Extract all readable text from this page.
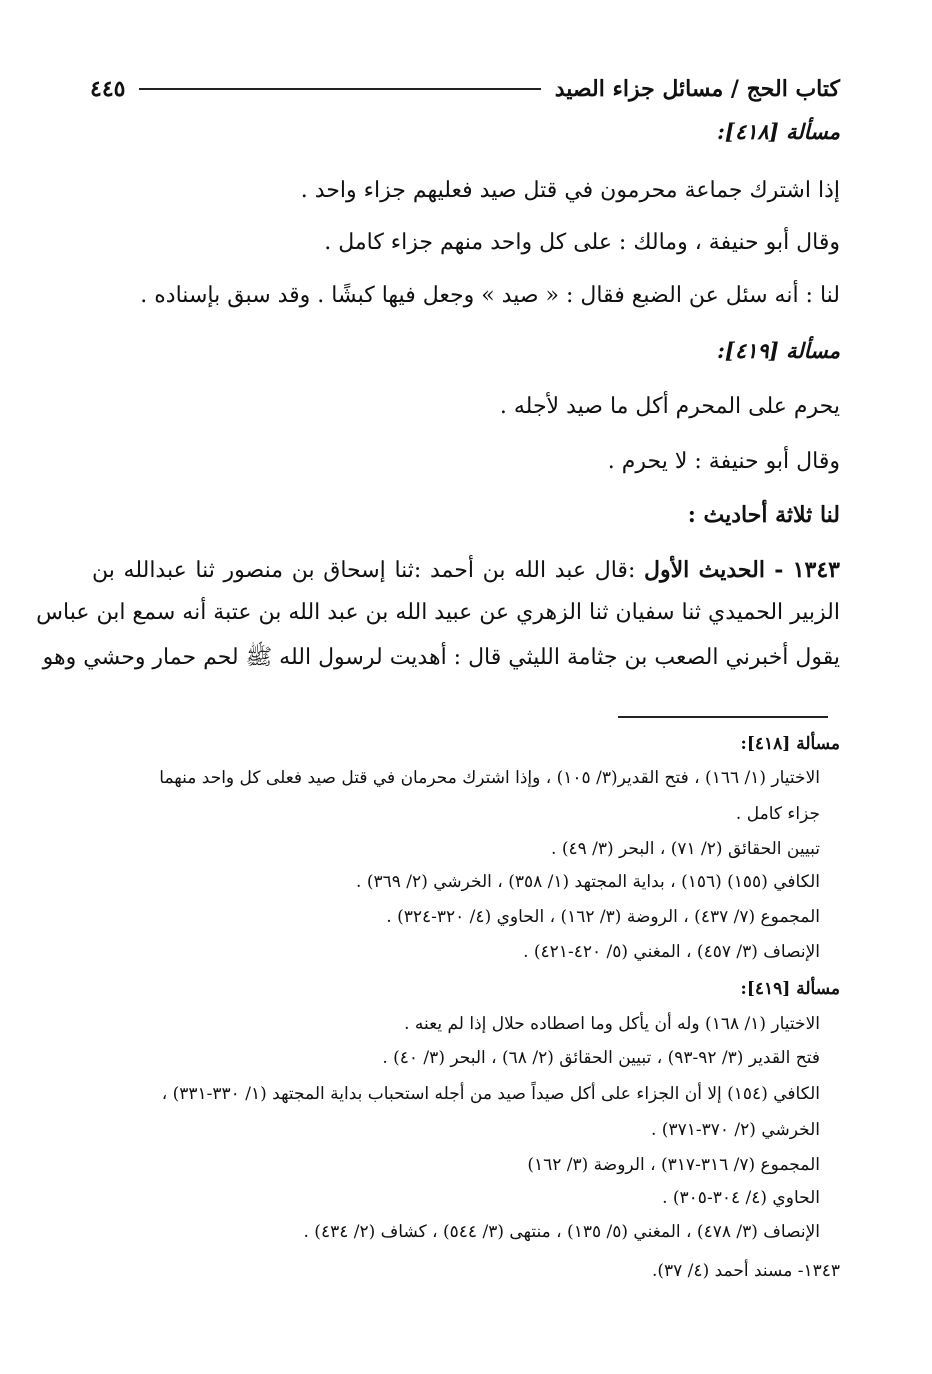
كتاب الحج / مسائل جزاء الصيد
٤٤٥
مسألة [٤١٨]:
إذا اشترك جماعة محرمون في قتل صيد فعليهم جزاء واحد .
وقال أبو حنيفة ، ومالك : على كل واحد منهم جزاء كامل .
لنا : أنه سئل عن الضبع فقال : « صيد » وجعل فيها كبشًا . وقد سبق بإسناده .
مسألة [٤١٩]:
يحرم على المحرم أكل ما صيد لأجله .
وقال أبو حنيفة : لا يحرم .
لنا ثلاثة أحاديث :
١٣٤٣ - الحديث الأول :قال عبد الله بن أحمد :ثنا إسحاق بن منصور ثنا عبدالله بن
الزبير الحميدي ثنا سفيان ثنا الزهري عن عبيد الله بن عبد الله بن عتبة أنه سمع ابن عباس
يقول أخبرني الصعب بن جثامة الليثي قال : أهديت لرسول الله ﷺ لحم حمار وحشي وهو
مسألة [٤١٨]:
الاختيار (١/ ١٦٦) ، فتح القدير(٣/ ١٠٥) ، وإذا اشترك محرمان في قتل صيد فعلى كل واحد منهما
جزاء كامل .
تبيين الحقائق (٢/ ٧١) ، البحر (٣/ ٤٩) .
الكافي (١٥٥) (١٥٦) ، بداية المجتهد (١/ ٣٥٨) ، الخرشي (٢/ ٣٦٩) .
المجموع (٧/ ٤٣٧) ، الروضة (٣/ ١٦٢) ، الحاوي (٤/ ٣٢٠-٣٢٤) .
الإنصاف (٣/ ٤٥٧) ، المغني (٥/ ٤٢٠-٤٢١) .
مسألة [٤١٩]:
الاختيار (١/ ١٦٨) وله أن يأكل وما اصطاده حلال إذا لم يعنه .
فتح القدير (٣/ ٩٢-٩٣) ، تبيين الحقائق (٢/ ٦٨) ، البحر (٣/ ٤٠) .
الكافي (١٥٤) إلا أن الجزاء على أكل صيداً صيد من أجله استحباب بداية المجتهد (١/ ٣٣٠-٣٣١) ،
الخرشي (٢/ ٣٧٠-٣٧١) .
المجموع (٧/ ٣١٦-٣١٧) ، الروضة (٣/ ١٦٢)
الحاوي (٤/ ٣٠٤-٣٠٥) .
الإنصاف (٣/ ٤٧٨) ، المغني (٥/ ١٣٥) ، منتهى (٣/ ٥٤٤) ، كشاف (٢/ ٤٣٤) .
١٣٤٣- مسند أحمد (٤/ ٣٧).
